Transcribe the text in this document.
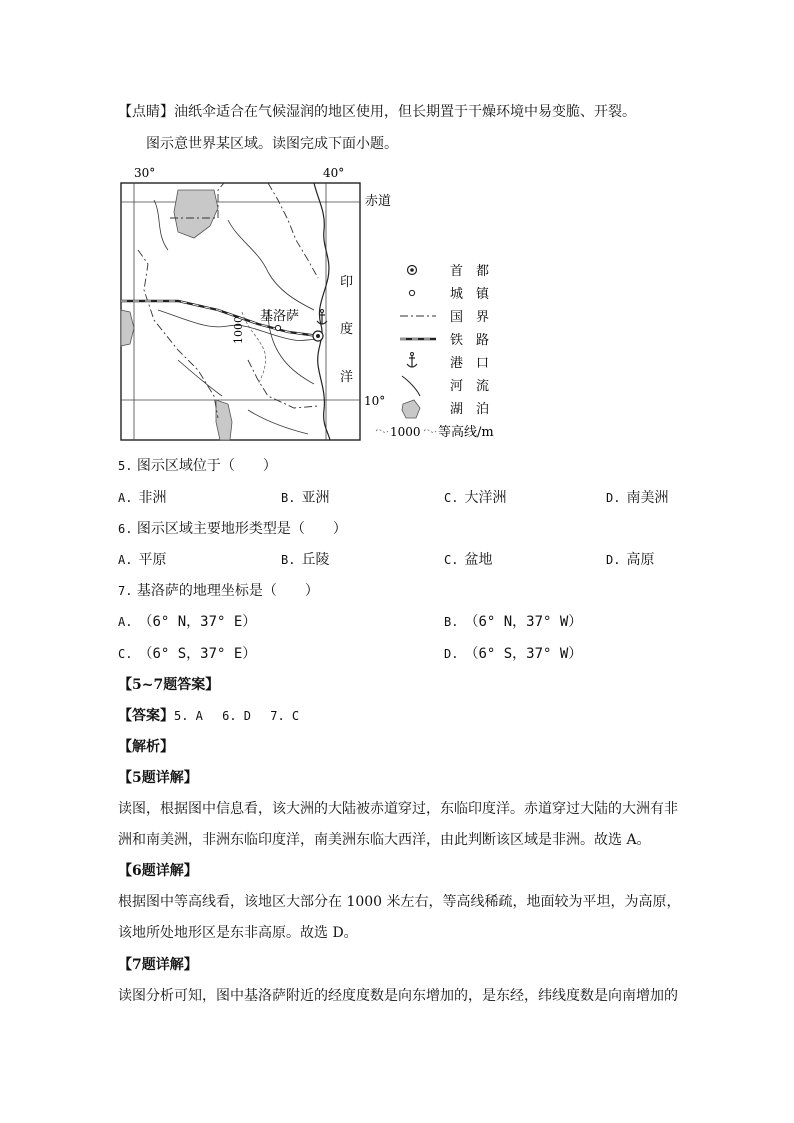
【点睛】油纸伞适合在气候湿润的地区使用，但长期置于干燥环境中易变脆、开裂。
图示意世界某区域。读图完成下面小题。
30°	40°
1000 基洛萨
赤道
印
度
洋
10°
首　都
城　镇
国　界
铁　路
港　口
河　流
湖　泊
1000 等高线/m
5. 图示区域位于（　　）
A. 非洲	B. 亚洲	C. 大洋洲	D. 南美洲
6. 图示区域主要地形类型是（　　）
A. 平原	B. 丘陵	C. 盆地	D. 高原
7. 基洛萨的地理坐标是（　　）
A. （6° N，37° E）	B. （6° N，37° W）
C. （6° S，37° E）	D. （6° S，37° W）
【5~7题答案】
【答案】5. A　 6. D　 7. C
【解析】
【5题详解】
读图，根据图中信息看，该大洲的大陆被赤道穿过，东临印度洋。赤道穿过大陆的大洲有非
洲和南美洲，非洲东临印度洋，南美洲东临大西洋，由此判断该区域是非洲。故选 A。
【6题详解】
根据图中等高线看，该地区大部分在 1000 米左右，等高线稀疏，地面较为平坦，为高原，
该地所处地形区是东非高原。故选 D。
【7题详解】
读图分析可知，图中基洛萨附近的经度度数是向东增加的，是东经，纬线度数是向南增加的
